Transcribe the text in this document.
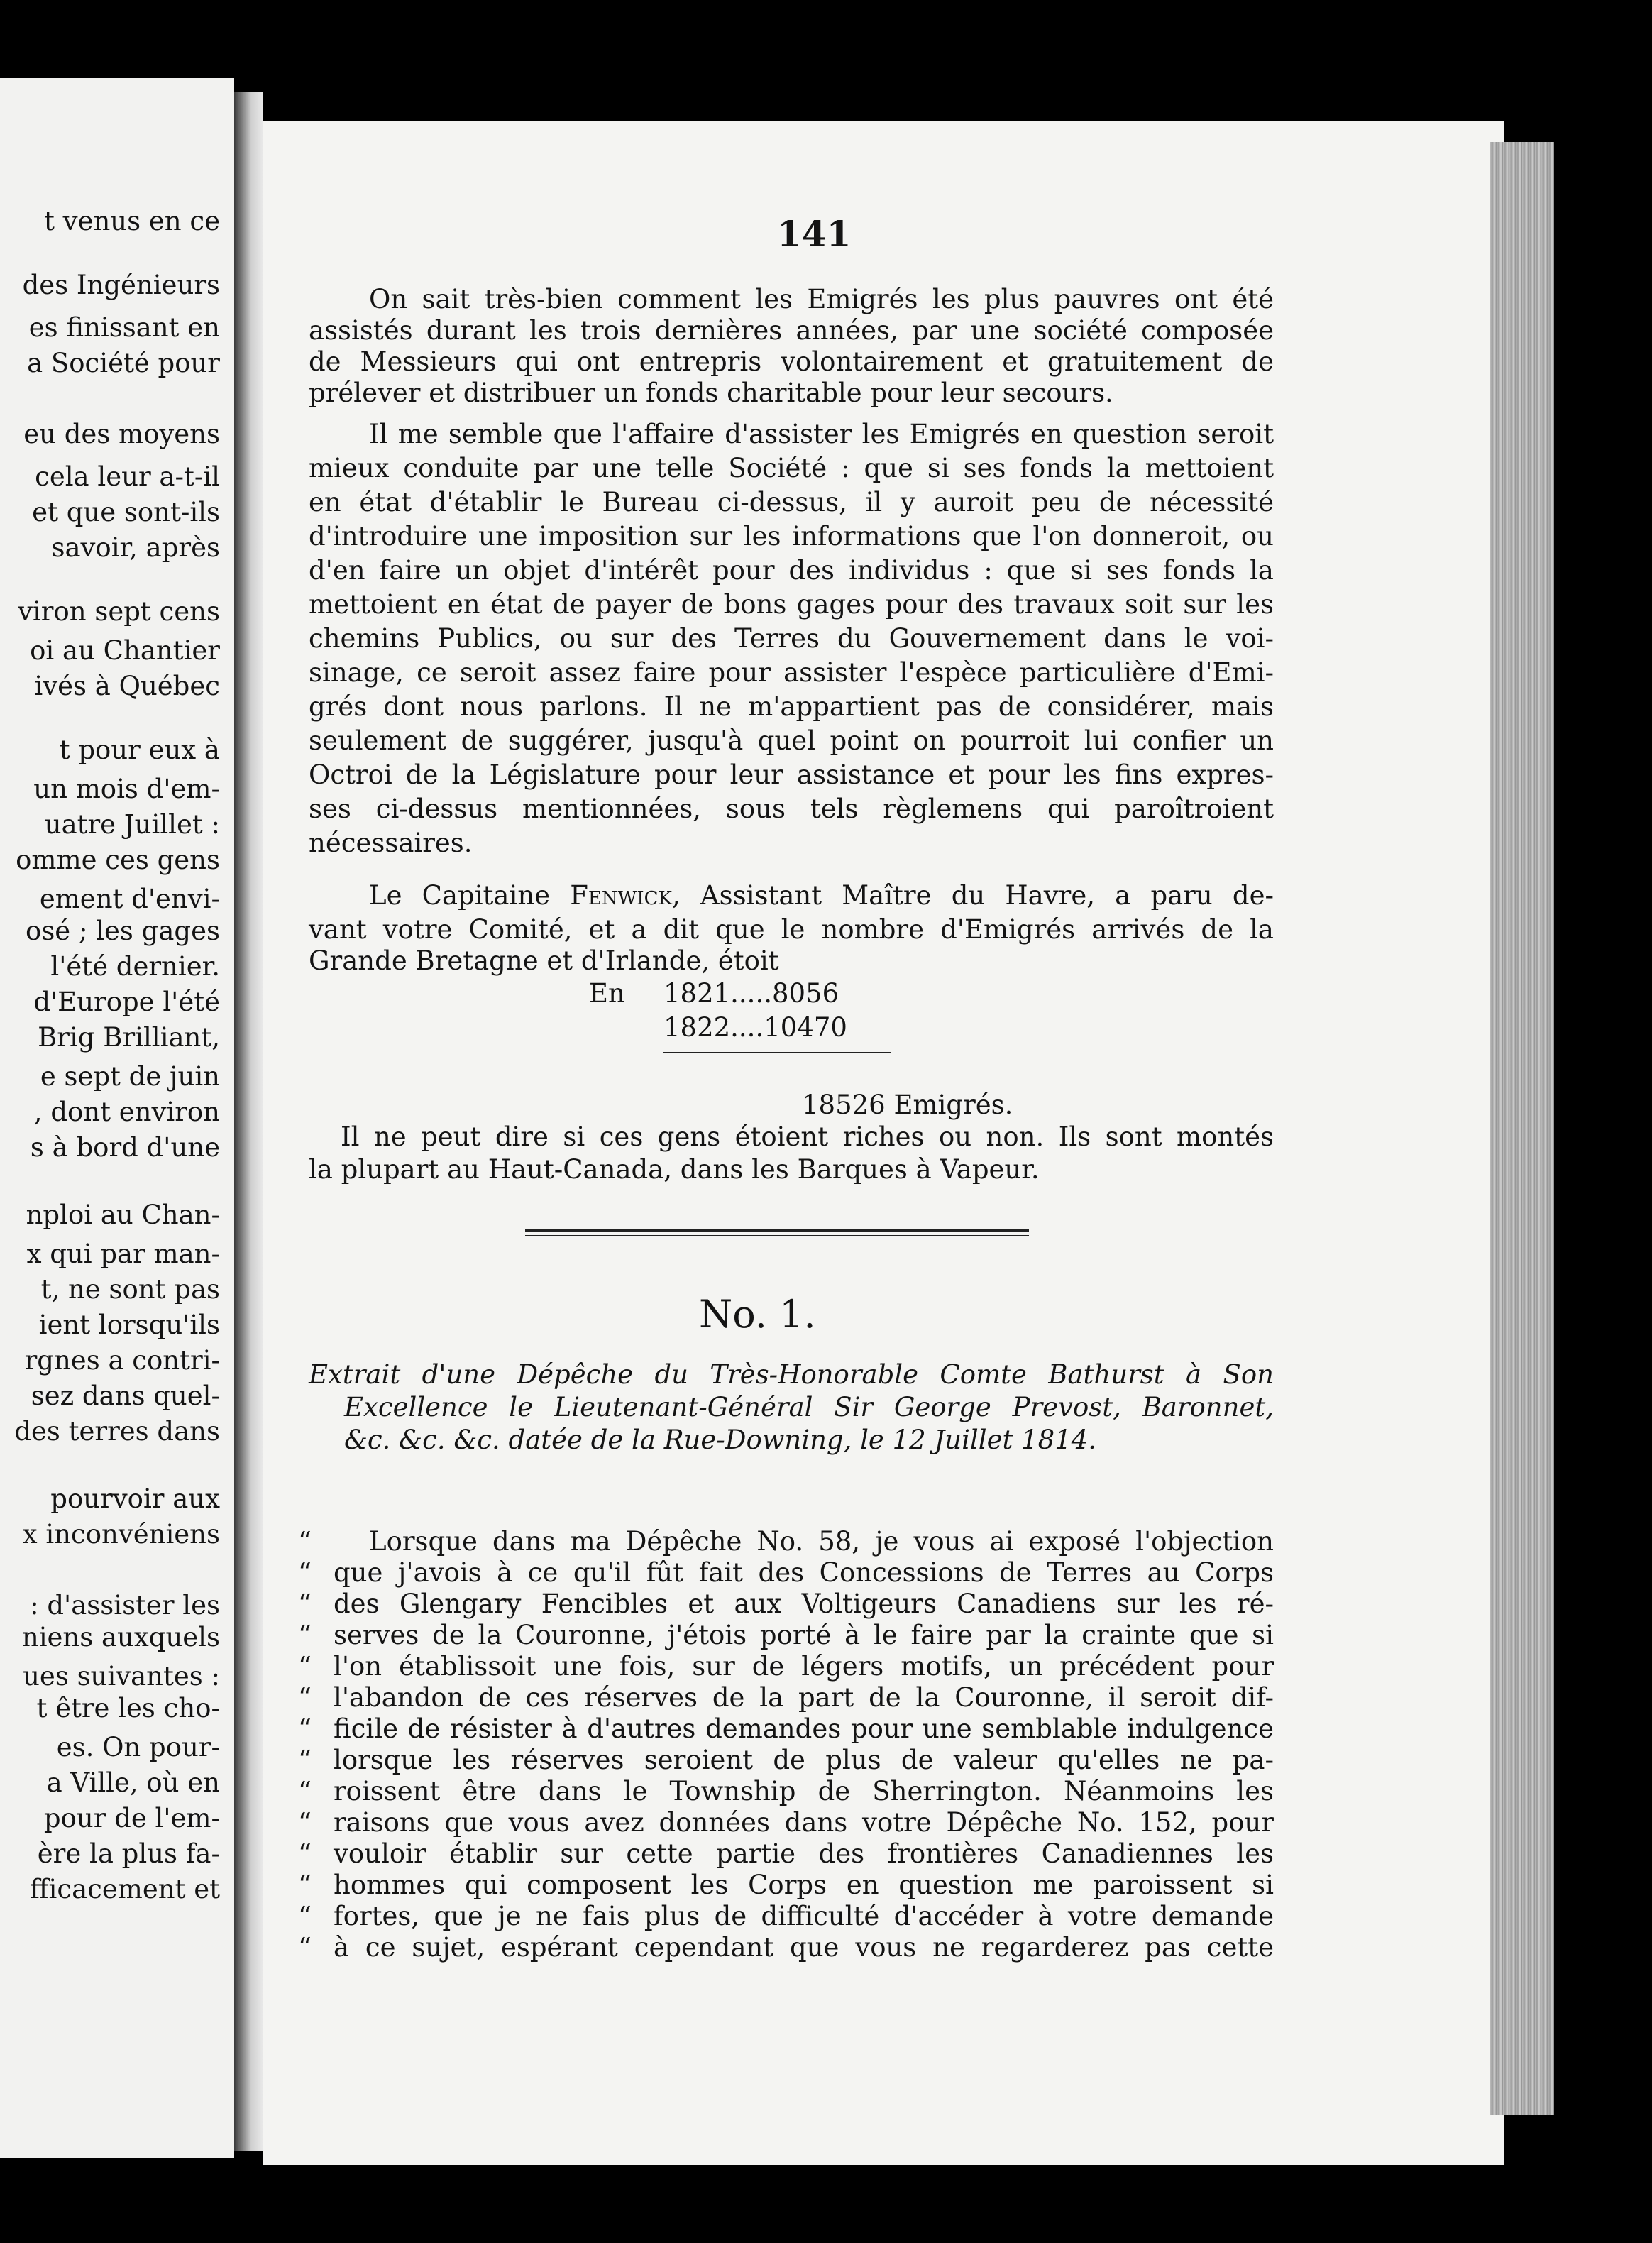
t venus en ce
des Ingénieurs
es finissant en
a Société pour
eu des moyens
cela leur a-t-il
et que sont-ils
savoir, après
viron sept cens
oi au Chantier
ivés à Québec
t pour eux à
un mois d'em-
uatre Juillet :
omme ces gens
ement d'envi-
osé ; les gages
l'été dernier.
d'Europe l'été
Brig Brilliant,
e sept de juin
, dont environ
s à bord d'une
nploi au Chan-
x qui par man-
t, ne sont pas
ient lorsqu'ils
rgnes a contri-
sez dans quel-
des terres dans
pourvoir aux
x inconvéniens
: d'assister les
niens auxquels
ues suivantes :
t être les cho-
es. On pour-
a Ville, où en
pour de l'em-
ère la plus fa-
fficacement et
141
On sait très-bien comment les Emigrés les plus pauvres ont été
assistés durant les trois dernières années, par une société composée
de Messieurs qui ont entrepris volontairement et gratuitement de
prélever et distribuer un fonds charitable pour leur secours.
Il me semble que l'affaire d'assister les Emigrés en question seroit
mieux conduite par une telle Société : que si ses fonds la mettoient
en état d'établir le Bureau ci-dessus, il y auroit peu de nécessité
d'introduire une imposition sur les informations que l'on donneroit, ou
d'en faire un objet d'intérêt pour des individus : que si ses fonds la
mettoient en état de payer de bons gages pour des travaux soit sur les
chemins Publics, ou sur des Terres du Gouvernement dans le voi-
sinage, ce seroit assez faire pour assister l'espèce particulière d'Emi-
grés dont nous parlons. Il ne m'appartient pas de considérer, mais
seulement de suggérer, jusqu'à quel point on pourroit lui confier un
Octroi de la Législature pour leur assistance et pour les fins expres-
ses ci-dessus mentionnées, sous tels règlemens qui paroîtroient
nécessaires.
Le Capitaine Fenwick, Assistant Maître du Havre, a paru de-
vant votre Comité, et a dit que le nombre d'Emigrés arrivés de la
Grande Bretagne et d'Irlande, étoit
En 1821.....8056
1822....10470
18526 Emigrés.
Il ne peut dire si ces gens étoient riches ou non. Ils sont montés
la plupart au Haut-Canada, dans les Barques à Vapeur.
No. 1.
Extrait d'une Dépêche du Très-Honorable Comte Bathurst à Son
Excellence le Lieutenant-Général Sir George Prevost, Baronnet,
&c. &c. &c. datée de la Rue-Downing, le 12 Juillet 1814.
“ Lorsque dans ma Dépêche No. 58, je vous ai exposé l'objection
“ que j'avois à ce qu'il fût fait des Concessions de Terres au Corps
“ des Glengary Fencibles et aux Voltigeurs Canadiens sur les ré-
“ serves de la Couronne, j'étois porté à le faire par la crainte que si
“ l'on établissoit une fois, sur de légers motifs, un précédent pour
“ l'abandon de ces réserves de la part de la Couronne, il seroit dif-
“ ficile de résister à d'autres demandes pour une semblable indulgence
“ lorsque les réserves seroient de plus de valeur qu'elles ne pa-
“ roissent être dans le Township de Sherrington. Néanmoins les
“ raisons que vous avez données dans votre Dépêche No. 152, pour
“ vouloir établir sur cette partie des frontières Canadiennes les
“ hommes qui composent les Corps en question me paroissent si
“ fortes, que je ne fais plus de difficulté d'accéder à votre demande
“ à ce sujet, espérant cependant que vous ne regarderez pas cette
